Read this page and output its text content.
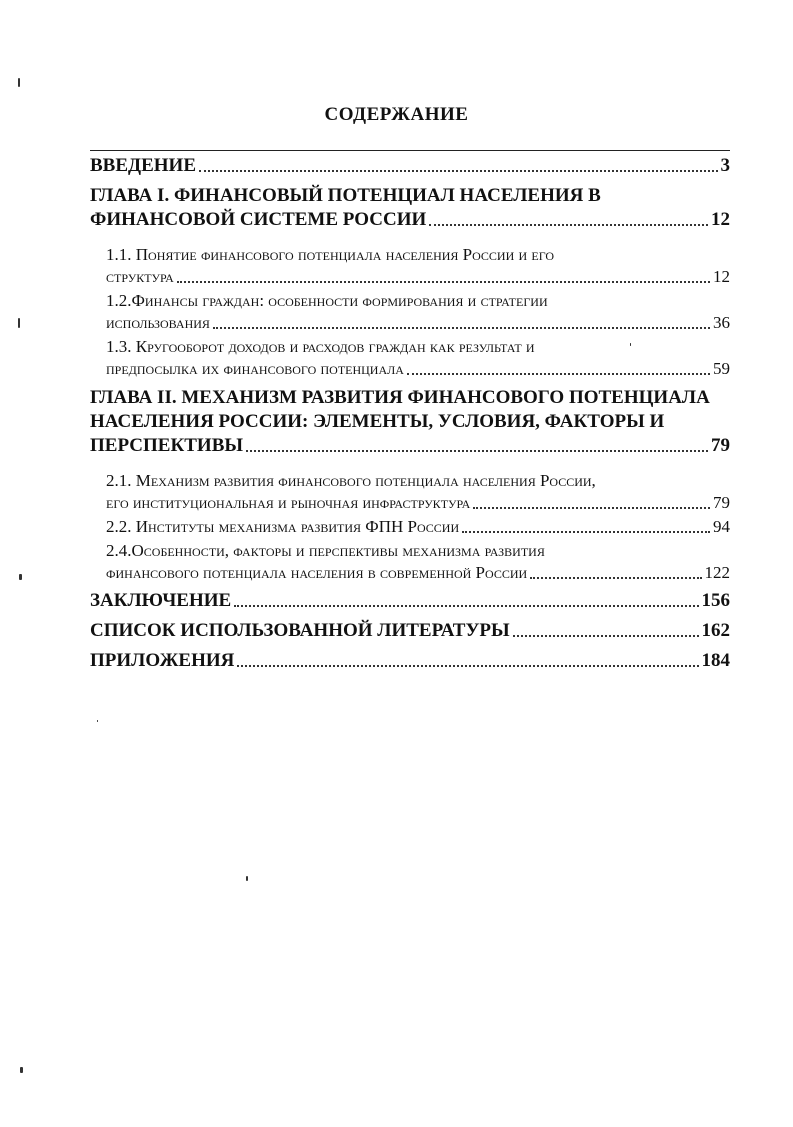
СОДЕРЖАНИЕ
ВВЕДЕНИЕ	3
ГЛАВА I. ФИНАНСОВЫЙ ПОТЕНЦИАЛ НАСЕЛЕНИЯ В
ФИНАНСОВОЙ СИСТЕМЕ РОССИИ	12
1.1. Понятие финансового потенциала населения России и его
структура	12
1.2.Финансы граждан: особенности формирования и стратегии
использования	36
1.3. Кругооборот доходов и расходов граждан как результат и
предпосылка их финансового потенциала	59
ГЛАВА II. МЕХАНИЗМ РАЗВИТИЯ ФИНАНСОВОГО ПОТЕНЦИАЛА НАСЕЛЕНИЯ РОССИИ: ЭЛЕМЕНТЫ, УСЛОВИЯ, ФАКТОРЫ И
ПЕРСПЕКТИВЫ	79
2.1. Механизм развития финансового потенциала населения России,
его институциональная и рыночная инфраструктура	79
2.2. Институты механизма развития ФПН России	94
2.4.Особенности, факторы и перспективы механизма развития
финансового потенциала населения в современной России	122
ЗАКЛЮЧЕНИЕ	156
СПИСОК ИСПОЛЬЗОВАННОЙ ЛИТЕРАТУРЫ	162
ПРИЛОЖЕНИЯ	184
